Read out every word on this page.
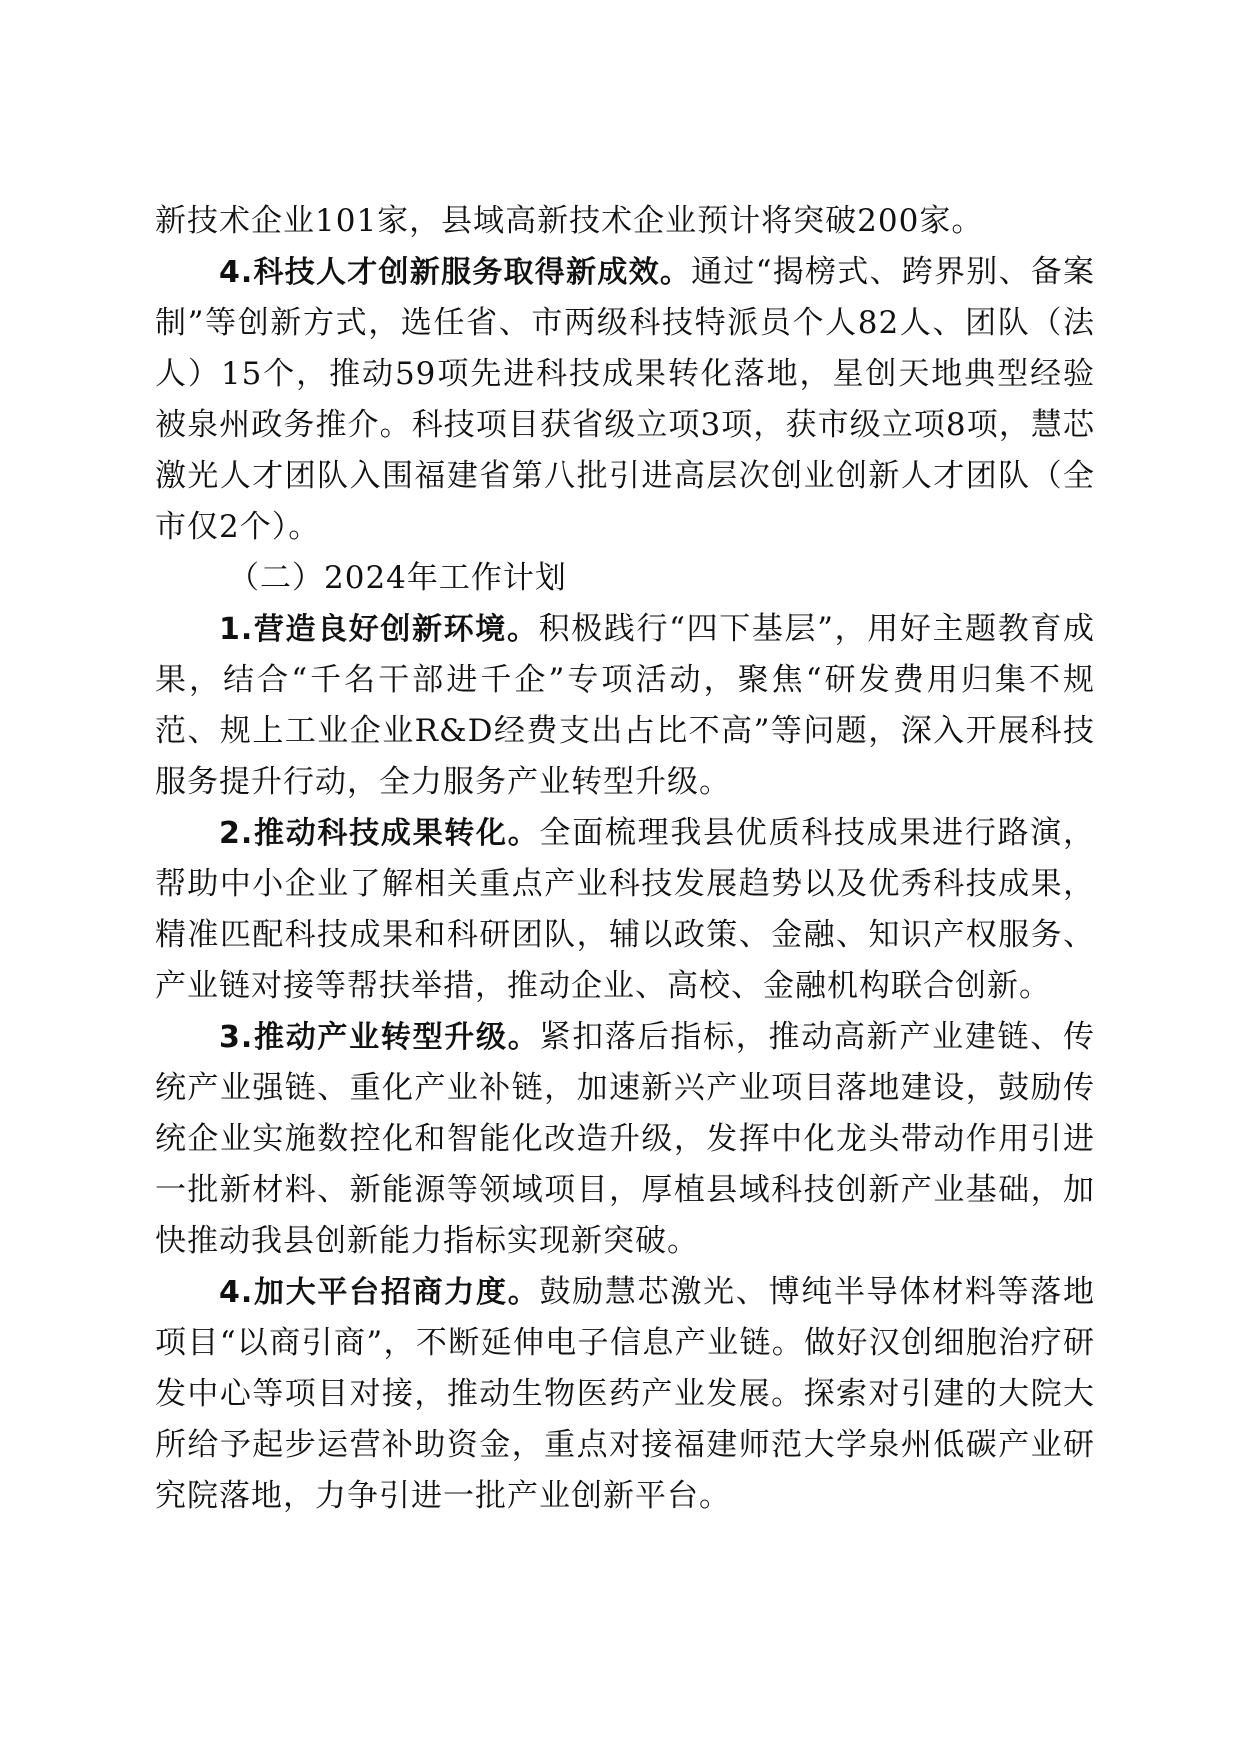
新技术企业101家，县域高新技术企业预计将突破200家。

4.科技人才创新服务取得新成效。通过“揭榜式、跨界别、备案制”等创新方式，选任省、市两级科技特派员个人82人、团队（法人）15个，推动59项先进科技成果转化落地，星创天地典型经验被泉州政务推介。科技项目获省级立项3项，获市级立项8项，慧芯激光人才团队入围福建省第八批引进高层次创业创新人才团队（全市仅2个）。

（二）2024年工作计划

1.营造良好创新环境。积极践行“四下基层”，用好主题教育成果，结合“千名干部进千企”专项活动，聚焦“研发费用归集不规范、规上工业企业R&D经费支出占比不高”等问题，深入开展科技服务提升行动，全力服务产业转型升级。

2.推动科技成果转化。全面梳理我县优质科技成果进行路演，帮助中小企业了解相关重点产业科技发展趋势以及优秀科技成果，精准匹配科技成果和科研团队，辅以政策、金融、知识产权服务、产业链对接等帮扶举措，推动企业、高校、金融机构联合创新。

3.推动产业转型升级。紧扣落后指标，推动高新产业建链、传统产业强链、重化产业补链，加速新兴产业项目落地建设，鼓励传统企业实施数控化和智能化改造升级，发挥中化龙头带动作用引进一批新材料、新能源等领域项目，厚植县域科技创新产业基础，加快推动我县创新能力指标实现新突破。

4.加大平台招商力度。鼓励慧芯激光、博纯半导体材料等落地项目“以商引商”，不断延伸电子信息产业链。做好汉创细胞治疗研发中心等项目对接，推动生物医药产业发展。探索对引建的大院大所给予起步运营补助资金，重点对接福建师范大学泉州低碳产业研究院落地，力争引进一批产业创新平台。
